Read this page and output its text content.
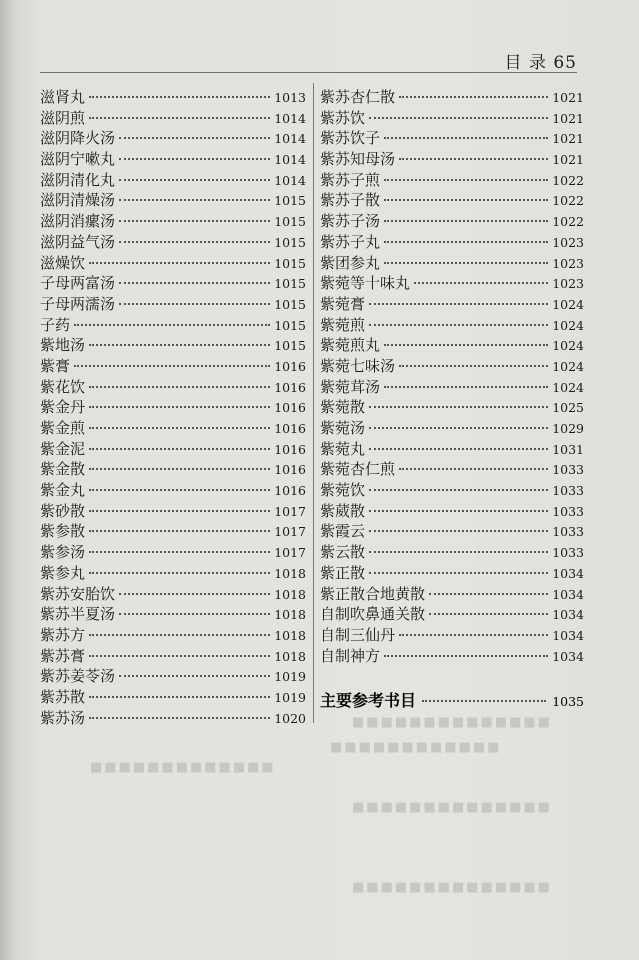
■■■■■■■■■■■■■■
■■■■■■■■■■■■
■■■■■■■■■■■■■■
■■■■■■■■■■■■■■
■■■■■■■■■■■■■
目 录 65
滋肾丸	1013
滋阴煎	1014
滋阴降火汤	1014
滋阴宁嗽丸	1014
滋阴清化丸	1014
滋阴清燥汤	1015
滋阴消瘰汤	1015
滋阴益气汤	1015
滋燥饮	1015
子母两富汤	1015
子母两濡汤	1015
子药	1015
紫地汤	1015
紫膏	1016
紫花饮	1016
紫金丹	1016
紫金煎	1016
紫金泥	1016
紫金散	1016
紫金丸	1016
紫砂散	1017
紫参散	1017
紫参汤	1017
紫参丸	1018
紫苏安胎饮	1018
紫苏半夏汤	1018
紫苏方	1018
紫苏膏	1018
紫苏姜苓汤	1019
紫苏散	1019
紫苏汤	1020
紫苏杏仁散	1021
紫苏饮	1021
紫苏饮子	1021
紫苏知母汤	1021
紫苏子煎	1022
紫苏子散	1022
紫苏子汤	1022
紫苏子丸	1023
紫团参丸	1023
紫菀等十味丸	1023
紫菀膏	1024
紫菀煎	1024
紫菀煎丸	1024
紫菀七味汤	1024
紫菀茸汤	1024
紫菀散	1025
紫菀汤	1029
紫菀丸	1031
紫菀杏仁煎	1033
紫菀饮	1033
紫葳散	1033
紫霞云	1033
紫云散	1033
紫正散	1034
紫正散合地黄散	1034
自制吹鼻通关散	1034
自制三仙丹	1034
自制神方	1034
主要参考书目	1035
